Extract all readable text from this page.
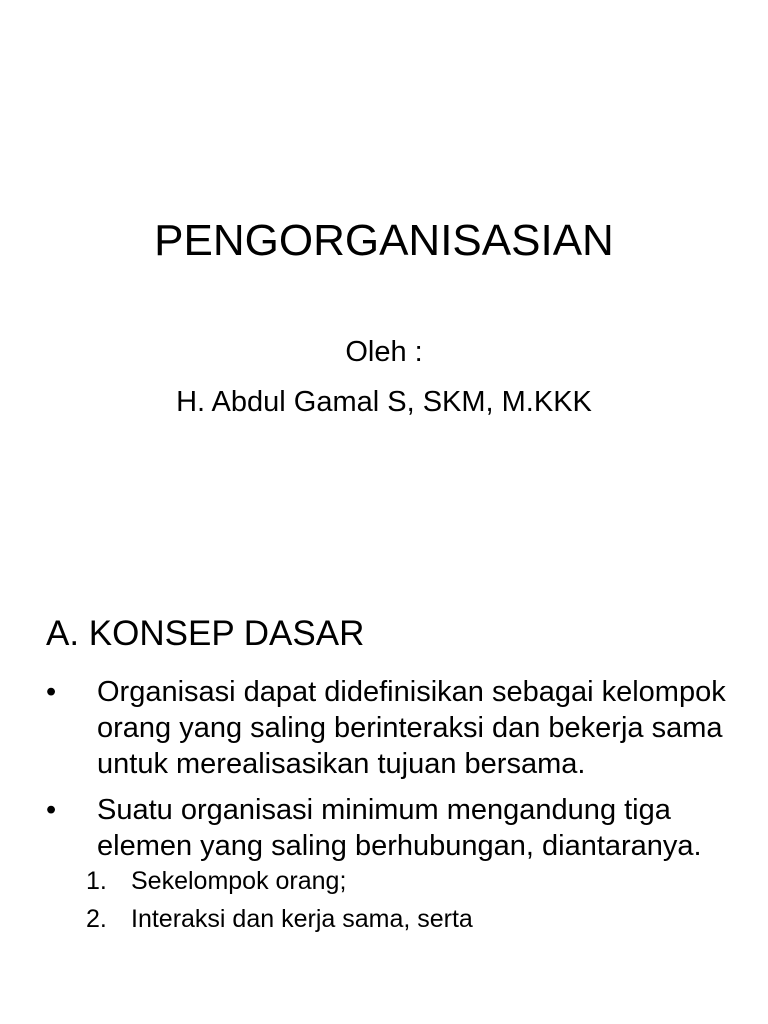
PENGORGANISASIAN

Oleh :

H. Abdul Gamal S, SKM, M.KKK

A. KONSEP DASAR
• Organisasi dapat didefinisikan sebagai kelompok orang yang saling berinteraksi dan bekerja sama untuk merealisasikan tujuan bersama.
• Suatu organisasi minimum mengandung tiga elemen yang saling berhubungan, diantaranya.
1. Sekelompok orang;
2. Interaksi dan kerja sama, serta
